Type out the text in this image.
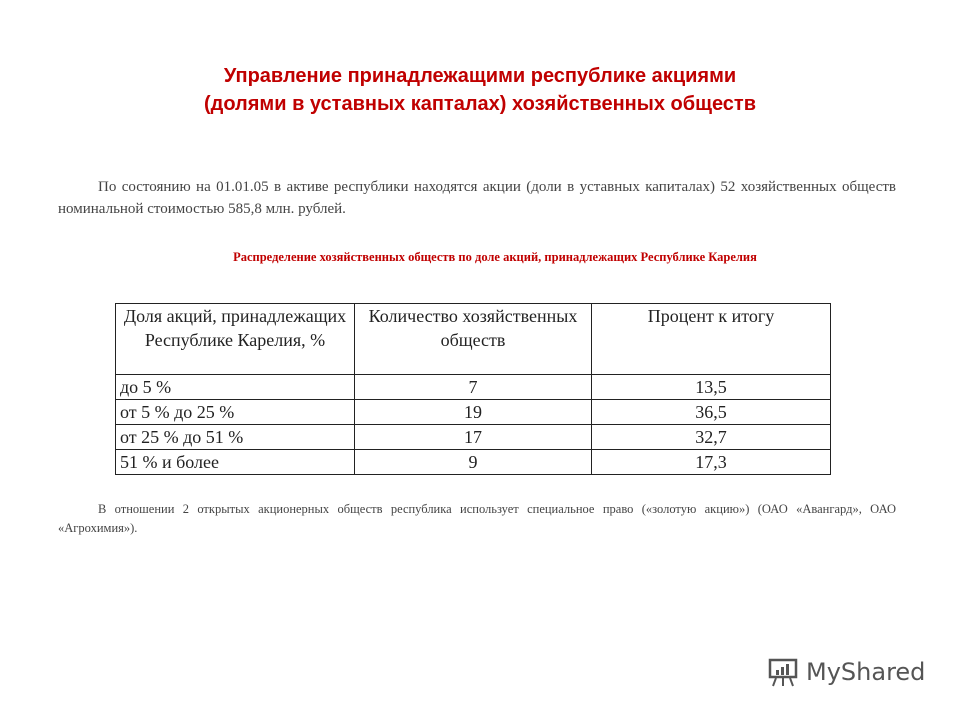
Управление принадлежащими республике акциями
(долями в уставных капталах) хозяйственных обществ
По состоянию на 01.01.05 в активе республики находятся акции (доли в уставных капиталах) 52 хозяйственных обществ номинальной стоимостью 585,8 млн. рублей.
Распределение хозяйственных обществ по доле акций, принадлежащих Республике Карелия
Доля акций, принадлежащих Республике Карелия, %	Количество хозяйственных обществ	Процент к итогу
до 5 %	7	13,5
от 5 % до 25 %	19	36,5
от 25 % до 51 %	17	32,7
51 % и более	9	17,3
В отношении 2 открытых акционерных обществ республика использует специальное право («золотую акцию») (ОАО «Авангард», ОАО «Агрохимия»).
MyShared
